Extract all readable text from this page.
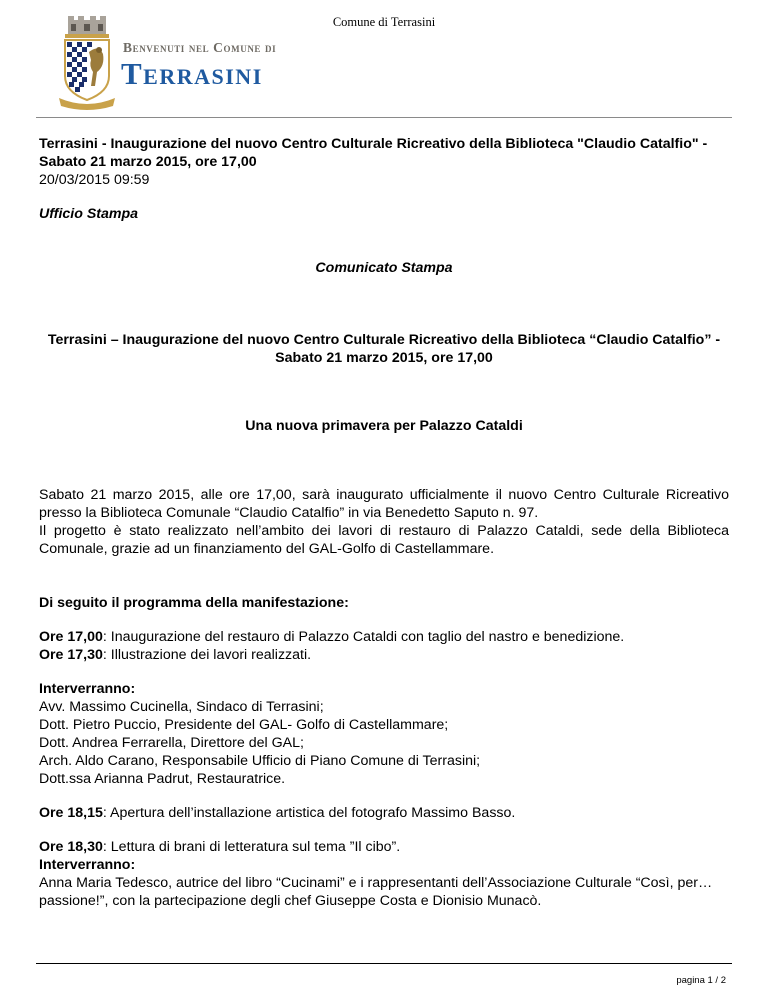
Comune di Terrasini
Benvenuti nel Comune di
Terrasini

Terrasini - Inaugurazione del nuovo Centro Culturale Ricreativo della Biblioteca "Claudio Catalfio" - Sabato 21 marzo 2015, ore 17,00

20/03/2015 09:59

Ufficio Stampa

Comunicato Stampa
Terrasini – Inaugurazione del nuovo Centro Culturale Ricreativo della Biblioteca “Claudio Catalfio” - Sabato 21 marzo 2015, ore 17,00
Una nuova primavera per Palazzo Cataldi

Sabato 21 marzo 2015, alle ore 17,00, sarà inaugurato ufficialmente il nuovo Centro Culturale Ricreativo presso la Biblioteca Comunale “Claudio Catalfio” in via Benedetto Saputo n. 97.

Il progetto è stato realizzato nell’ambito dei lavori di restauro di Palazzo Cataldi, sede della Biblioteca Comunale, grazie ad un finanziamento del GAL-Golfo di Castellammare.

Di seguito il programma della manifestazione:

Ore 17,00: Inaugurazione del restauro di Palazzo Cataldi con taglio del nastro e benedizione.

Ore 17,30: Illustrazione dei lavori realizzati.

Interverranno:

Avv. Massimo Cucinella, Sindaco di Terrasini;

Dott. Pietro Puccio, Presidente del GAL- Golfo di Castellammare;

Dott. Andrea Ferrarella, Direttore del GAL;

Arch. Aldo Carano, Responsabile Ufficio di Piano Comune di Terrasini;

Dott.ssa Arianna Padrut, Restauratrice.

Ore 18,15: Apertura dell’installazione artistica del fotografo Massimo Basso.

Ore 18,30: Lettura di brani di letteratura sul tema ”Il cibo”.

Interverranno:

Anna Maria Tedesco, autrice del libro “Cucinami” e i rappresentanti dell’Associazione Culturale “Così, per…passione!”, con la partecipazione degli chef Giuseppe Costa e Dionisio Munacò.

pagina 1 / 2
